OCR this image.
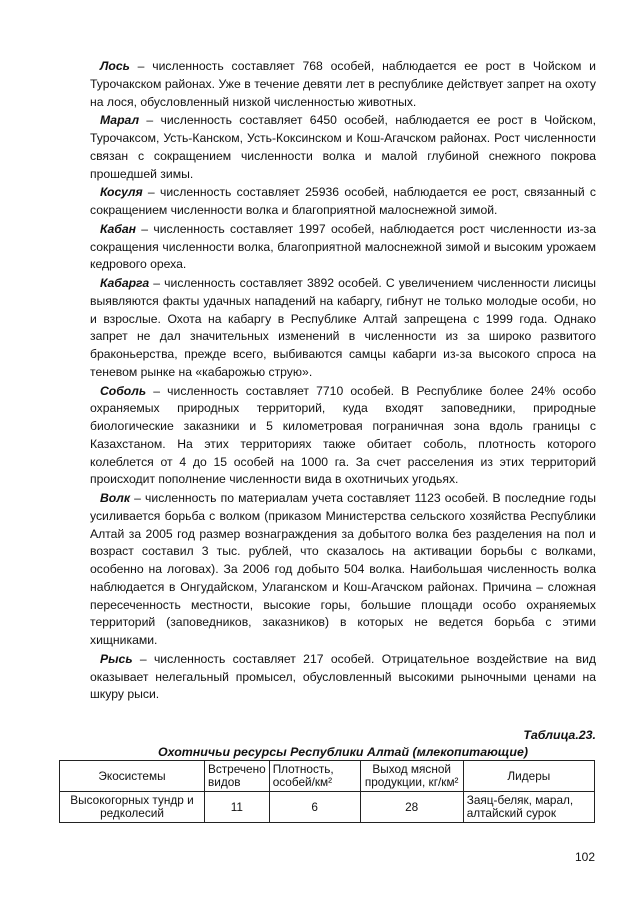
Лось – численность составляет 768 особей, наблюдается ее рост в Чойском и Турочакском районах. Уже в течение девяти лет в республике действует запрет на охоту на лося, обусловленный низкой численностью животных.

Марал – численность составляет 6450 особей, наблюдается ее рост в Чойском, Турочаксом, Усть-Канском, Усть-Коксинском и Кош-Агачском районах. Рост численности связан с сокращением численности волка и малой глубиной снежного покрова прошедшей зимы.

Косуля – численность составляет 25936 особей, наблюдается ее рост, связанный с сокращением численности волка и благоприятной малоснежной зимой.

Кабан – численность составляет 1997 особей, наблюдается рост численности из-за сокращения численности волка, благоприятной малоснежной зимой и высоким урожаем кедрового ореха.

Кабарга – численность составляет 3892 особей. С увеличением численности лисицы выявляются факты удачных нападений на кабаргу, гибнут не только молодые особи, но и взрослые. Охота на кабаргу в Республике Алтай запрещена с 1999 года. Однако запрет не дал значительных изменений в численности из за широко развитого браконьерства, прежде всего, выбиваются самцы кабарги из-за высокого спроса на теневом рынке на «кабарожью струю».

Соболь – численность составляет 7710 особей. В Республике более 24% особо охраняемых природных территорий, куда входят заповедники, природные биологические заказники и 5 километровая пограничная зона вдоль границы с Казахстаном. На этих территориях также обитает соболь, плотность которого колеблется от 4 до 15 особей на 1000 га. За счет расселения из этих территорий происходит пополнение численности вида в охотничьих угодьях.

Волк – численность по материалам учета составляет 1123 особей. В последние годы усиливается борьба с волком (приказом Министерства сельского хозяйства Республики Алтай за 2005 год размер вознаграждения за добытого волка без разделения на пол и возраст составил 3 тыс. рублей, что сказалось на активации борьбы с волками, особенно на логовах). За 2006 год добыто 504 волка. Наибольшая численность волка наблюдается в Онгудайском, Улаганском и Кош-Агачском районах. Причина – сложная пересеченность местности, высокие горы, большие площади особо охраняемых территорий (заповедников, заказников) в которых не ведется борьба с этими хищниками.

Рысь – численность составляет 217 особей. Отрицательное воздействие на вид оказывает нелегальный промысел, обусловленный высокими рыночными ценами на шкуру рыси.

Таблица.23.
Охотничьи ресурсы Республики Алтай (млекопитающие)
Экосистемы	Встречено видов	Плотность, особей/км²	Выход мясной продукции, кг/км²	Лидеры
Высокогорных тундр и редколесий	11	6	28	Заяц-беляк, марал, алтайский сурок
102
